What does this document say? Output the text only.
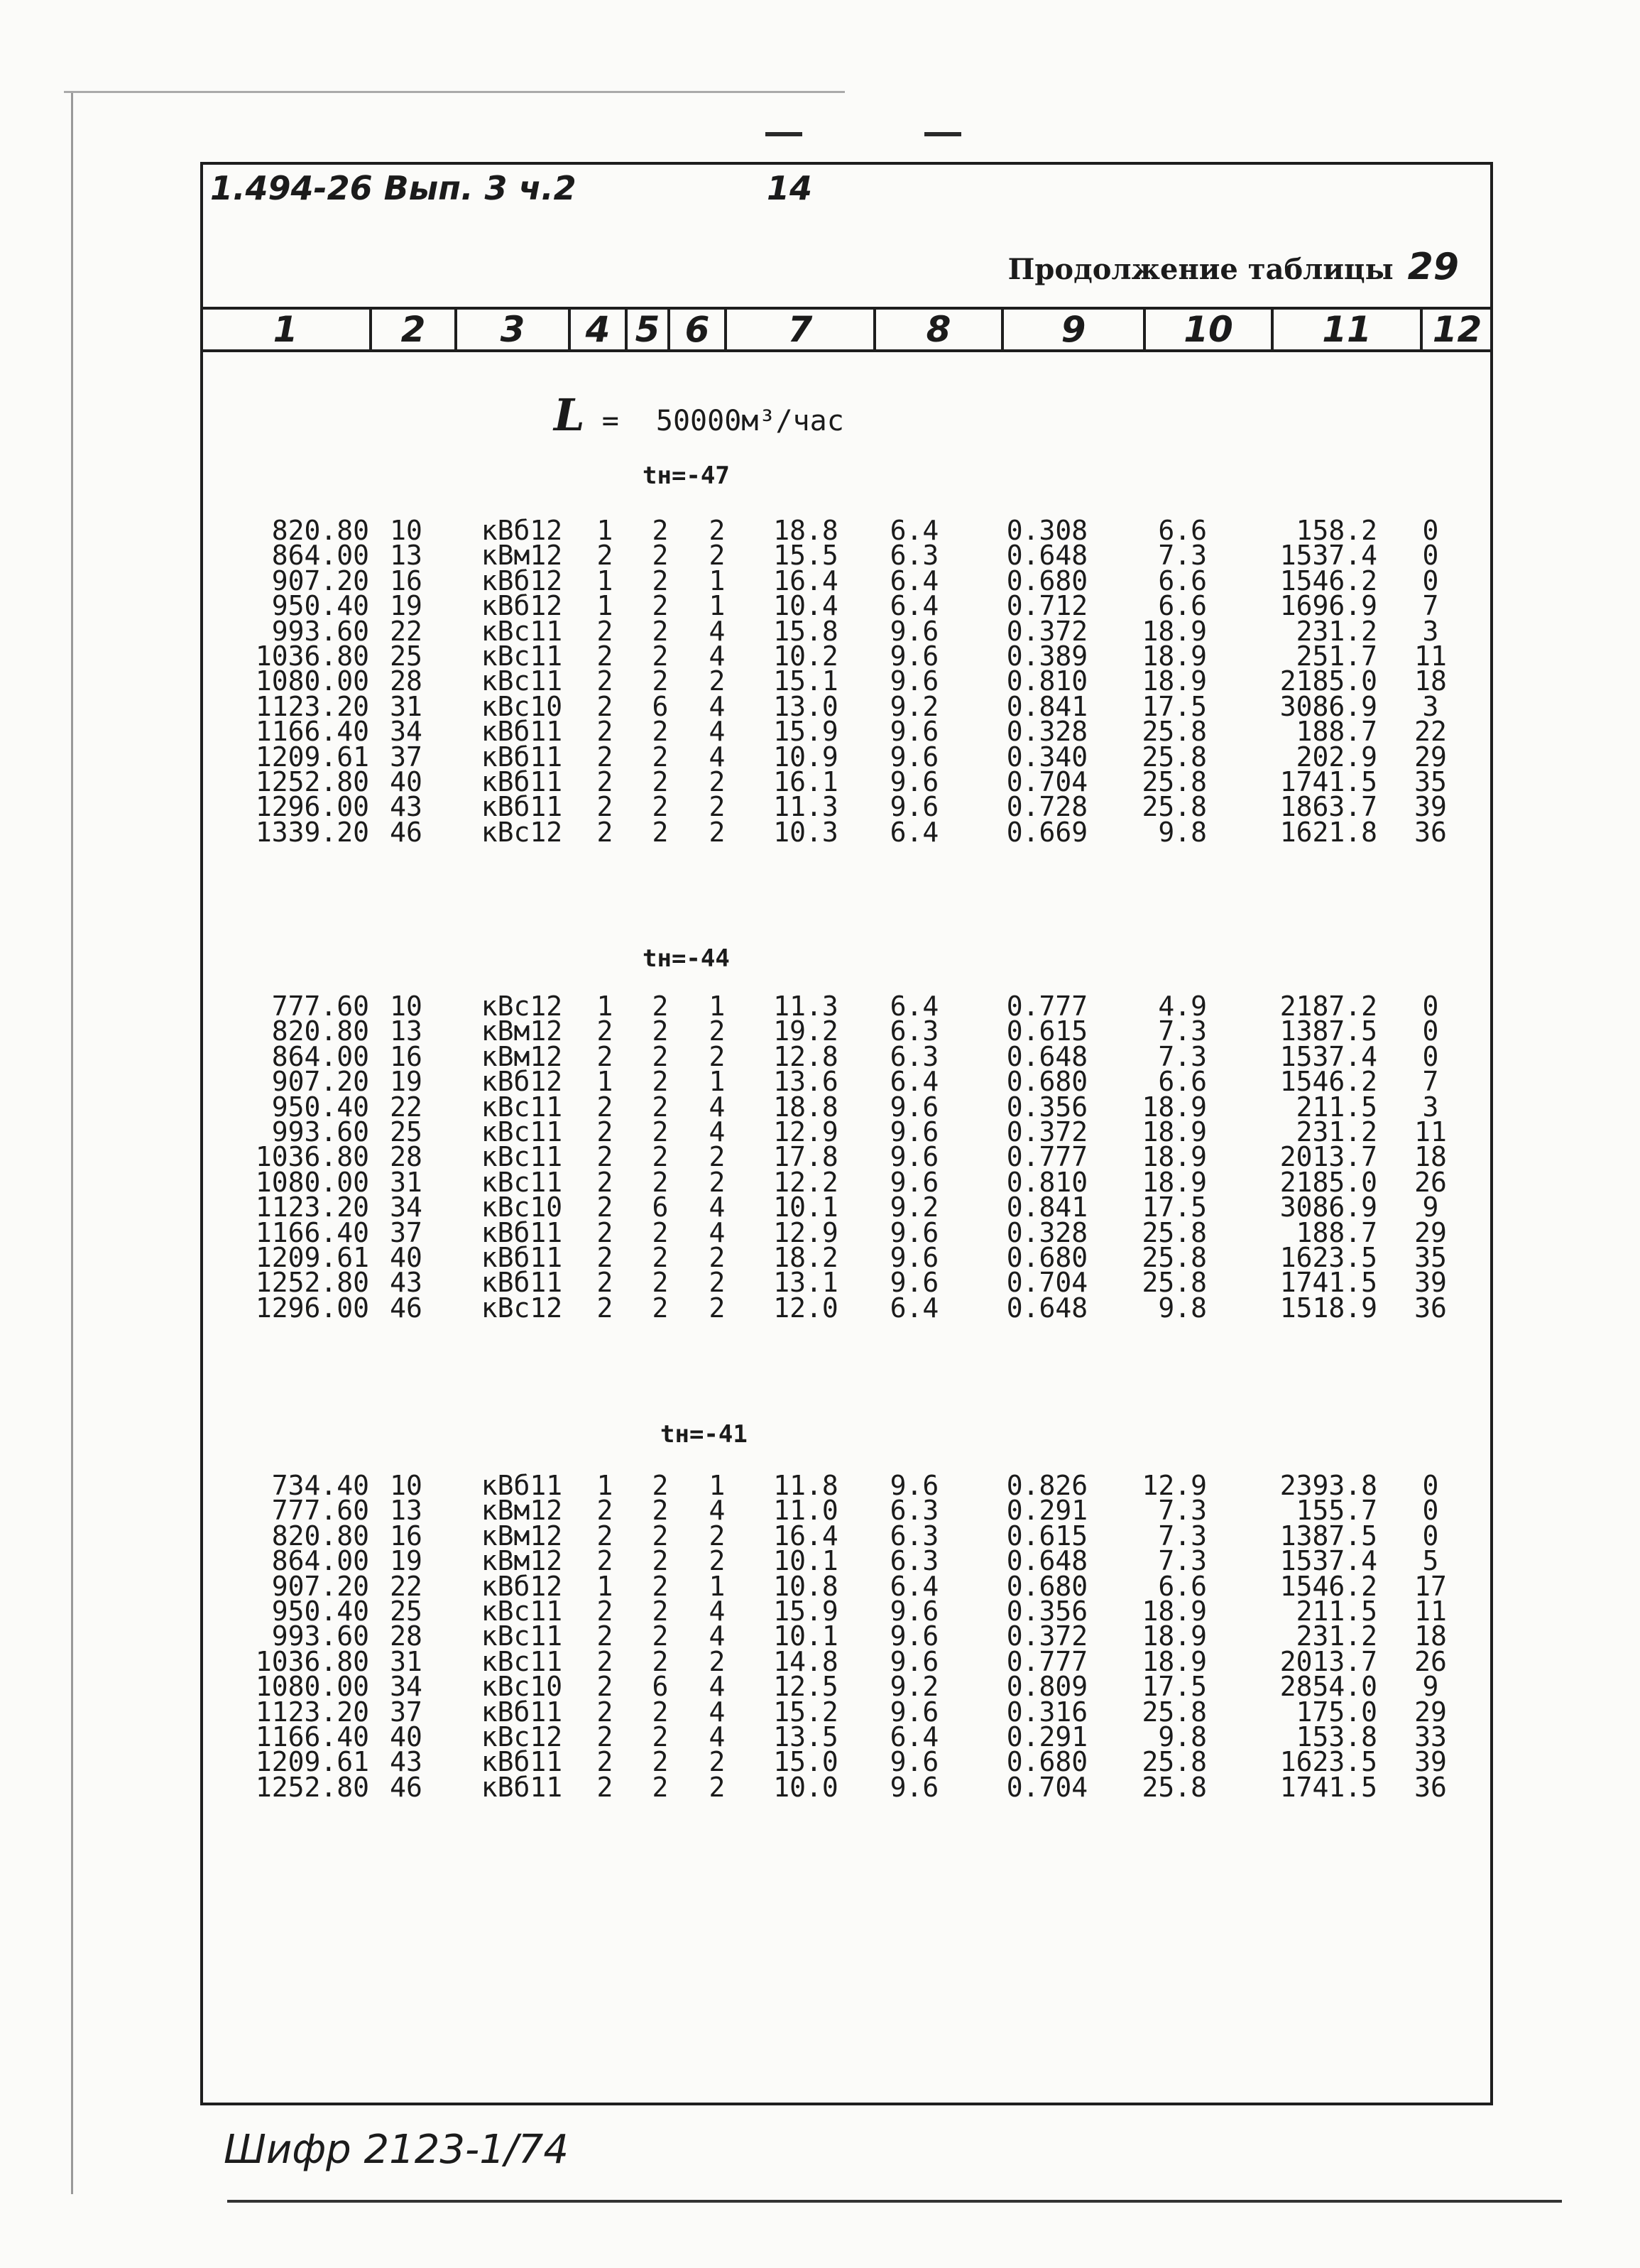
1.494-26 Вып. 3 ч.2	14
Продолжение таблицы 29
1	2	3	4 5 6	7	8	9	10	11	12
L = 50000м³/час
tн=-47
820.80 10	кВб12	1 2 2	18.8	6.4	0.308	6.6	158.2	0
864.00 13	кВм12	2 2 2	15.5	6.3	0.648	7.3	1537.4	0
907.20 16	кВб12	1 2 1	16.4	6.4	0.680	6.6	1546.2	0
950.40 19	кВб12	1 2 1	10.4	6.4	0.712	6.6	1696.9	7
993.60 22	кВс11	2 2 4	15.8	9.6	0.372	18.9	231.2	3
1036.80 25	кВс11	2 2 4	10.2	9.6	0.389	18.9	251.7	11
1080.00 28	кВс11	2 2 2	15.1	9.6	0.810	18.9	2185.0	18
1123.20 31	кВс10	2 6 4	13.0	9.2	0.841	17.5	3086.9	3
1166.40 34	кВб11	2 2 4	15.9	9.6	0.328	25.8	188.7	22
1209.61 37	кВб11	2 2 4	10.9	9.6	0.340	25.8	202.9	29
1252.80 40	кВб11	2 2 2	16.1	9.6	0.704	25.8	1741.5	35
1296.00 43	кВб11	2 2 2	11.3	9.6	0.728	25.8	1863.7	39
1339.20 46	кВс12	2 2 2	10.3	6.4	0.669	9.8	1621.8	36
tн=-44
777.60 10	кВс12	1 2 1	11.3	6.4	0.777	4.9	2187.2	0
820.80 13	кВм12	2 2 2	19.2	6.3	0.615	7.3	1387.5	0
864.00 16	кВм12	2 2 2	12.8	6.3	0.648	7.3	1537.4	0
907.20 19	кВб12	1 2 1	13.6	6.4	0.680	6.6	1546.2	7
950.40 22	кВс11	2 2 4	18.8	9.6	0.356	18.9	211.5	3
993.60 25	кВс11	2 2 4	12.9	9.6	0.372	18.9	231.2	11
1036.80 28	кВс11	2 2 2	17.8	9.6	0.777	18.9	2013.7	18
1080.00 31	кВс11	2 2 2	12.2	9.6	0.810	18.9	2185.0	26
1123.20 34	кВс10	2 6 4	10.1	9.2	0.841	17.5	3086.9	9
1166.40 37	кВб11	2 2 4	12.9	9.6	0.328	25.8	188.7	29
1209.61 40	кВб11	2 2 2	18.2	9.6	0.680	25.8	1623.5	35
1252.80 43	кВб11	2 2 2	13.1	9.6	0.704	25.8	1741.5	39
1296.00 46	кВс12	2 2 2	12.0	6.4	0.648	9.8	1518.9	36
tн=-41
734.40 10	кВб11	1 2 1	11.8	9.6	0.826	12.9	2393.8	0
777.60 13	кВм12	2 2 4	11.0	6.3	0.291	7.3	155.7	0
820.80 16	кВм12	2 2 2	16.4	6.3	0.615	7.3	1387.5	0
864.00 19	кВм12	2 2 2	10.1	6.3	0.648	7.3	1537.4	5
907.20 22	кВб12	1 2 1	10.8	6.4	0.680	6.6	1546.2	17
950.40 25	кВс11	2 2 4	15.9	9.6	0.356	18.9	211.5	11
993.60 28	кВс11	2 2 4	10.1	9.6	0.372	18.9	231.2	18
1036.80 31	кВс11	2 2 2	14.8	9.6	0.777	18.9	2013.7	26
1080.00 34	кВс10	2 6 4	12.5	9.2	0.809	17.5	2854.0	9
1123.20 37	кВб11	2 2 4	15.2	9.6	0.316	25.8	175.0	29
1166.40 40	кВс12	2 2 4	13.5	6.4	0.291	9.8	153.8	33
1209.61 43	кВб11	2 2 2	15.0	9.6	0.680	25.8	1623.5	39
1252.80 46	кВб11	2 2 2	10.0	9.6	0.704	25.8	1741.5	36
Шифр 2123-1/74
